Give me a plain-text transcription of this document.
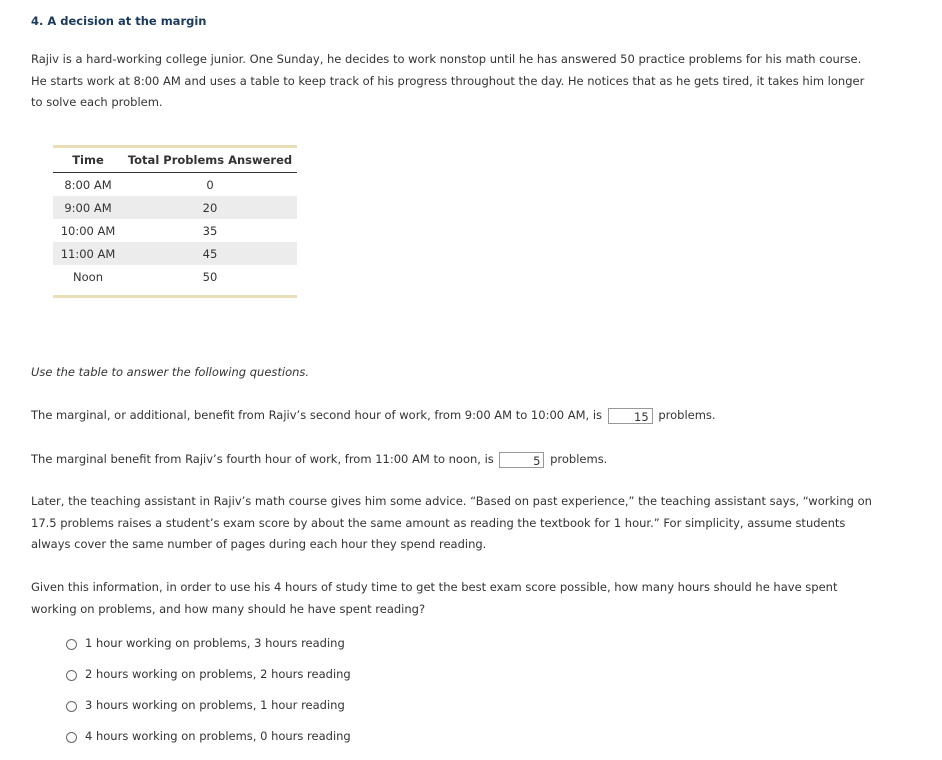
4. A decision at the margin
Rajiv is a hard-working college junior. One Sunday, he decides to work nonstop until he has answered 50 practice problems for his math course. He starts work at 8:00 AM and uses a table to keep track of his progress throughout the day. He notices that as he gets tired, it takes him longer to solve each problem.
Time	Total Problems Answered
8:00 AM	0
9:00 AM	20
10:00 AM	35
11:00 AM	45
Noon	50
Use the table to answer the following questions.
The marginal, or additional, benefit from Rajiv’s second hour of work, from 9:00 AM to 10:00 AM, is	15 problems.
The marginal benefit from Rajiv’s fourth hour of work, from 11:00 AM to noon, is	5 problems.
Later, the teaching assistant in Rajiv’s math course gives him some advice. “Based on past experience,” the teaching assistant says, “working on 17.5 problems raises a student’s exam score by about the same amount as reading the textbook for 1 hour.” For simplicity, assume students always cover the same number of pages during each hour they spend reading.
Given this information, in order to use his 4 hours of study time to get the best exam score possible, how many hours should he have spent working on problems, and how many should he have spent reading?
1 hour working on problems, 3 hours reading
2 hours working on problems, 2 hours reading
3 hours working on problems, 1 hour reading
4 hours working on problems, 0 hours reading
